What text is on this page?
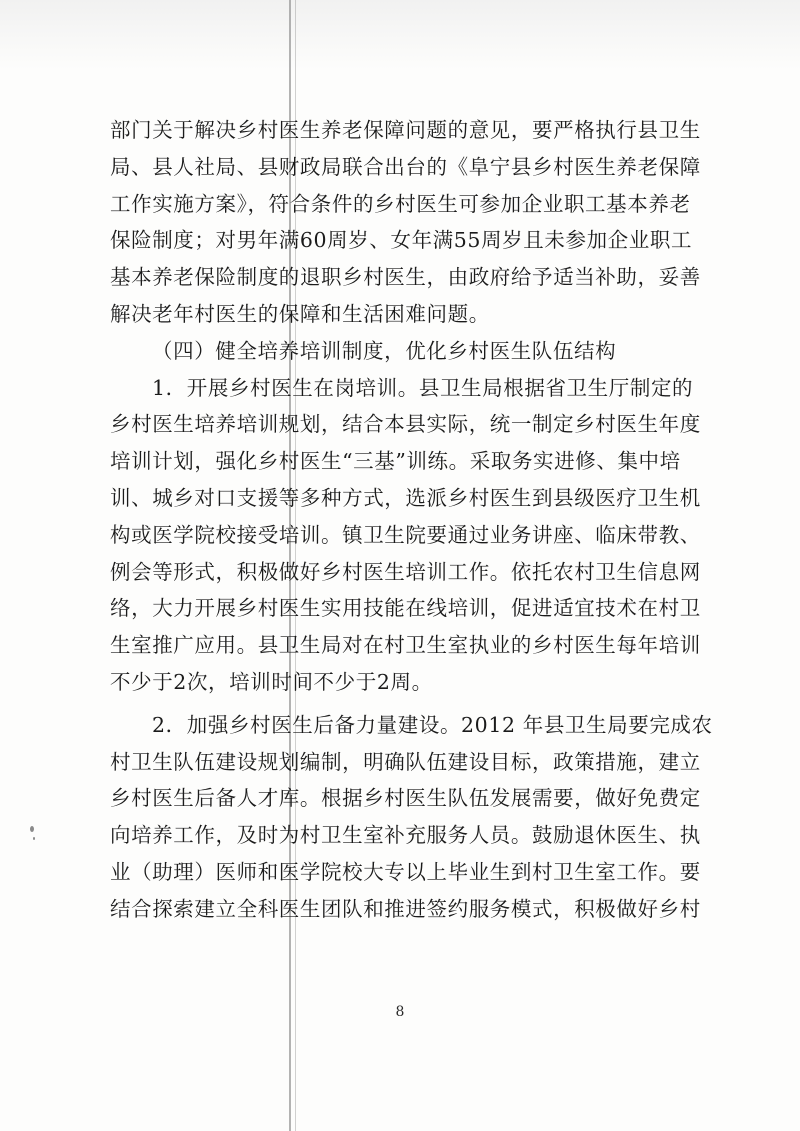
部门关于解决乡村医生养老保障问题的意见，要严格执行县卫生
局、县人社局、县财政局联合出台的《阜宁县乡村医生养老保障
工作实施方案》，符合条件的乡村医生可参加企业职工基本养老
保险制度；对男年满60周岁、女年满55周岁且未参加企业职工
基本养老保险制度的退职乡村医生，由政府给予适当补助，妥善
解决老年村医生的保障和生活困难问题。
（四）健全培养培训制度，优化乡村医生队伍结构
1．开展乡村医生在岗培训。县卫生局根据省卫生厅制定的
乡村医生培养培训规划，结合本县实际，统一制定乡村医生年度
培训计划，强化乡村医生“三基”训练。采取务实进修、集中培
训、城乡对口支援等多种方式，选派乡村医生到县级医疗卫生机
构或医学院校接受培训。镇卫生院要通过业务讲座、临床带教、
例会等形式，积极做好乡村医生培训工作。依托农村卫生信息网
络，大力开展乡村医生实用技能在线培训，促进适宜技术在村卫
生室推广应用。县卫生局对在村卫生室执业的乡村医生每年培训
不少于2次，培训时间不少于2周。
2．加强乡村医生后备力量建设。2012 年县卫生局要完成农
村卫生队伍建设规划编制，明确队伍建设目标，政策措施，建立
乡村医生后备人才库。根据乡村医生队伍发展需要，做好免费定
向培养工作，及时为村卫生室补充服务人员。鼓励退休医生、执
业（助理）医师和医学院校大专以上毕业生到村卫生室工作。要
结合探索建立全科医生团队和推进签约服务模式，积极做好乡村
8
